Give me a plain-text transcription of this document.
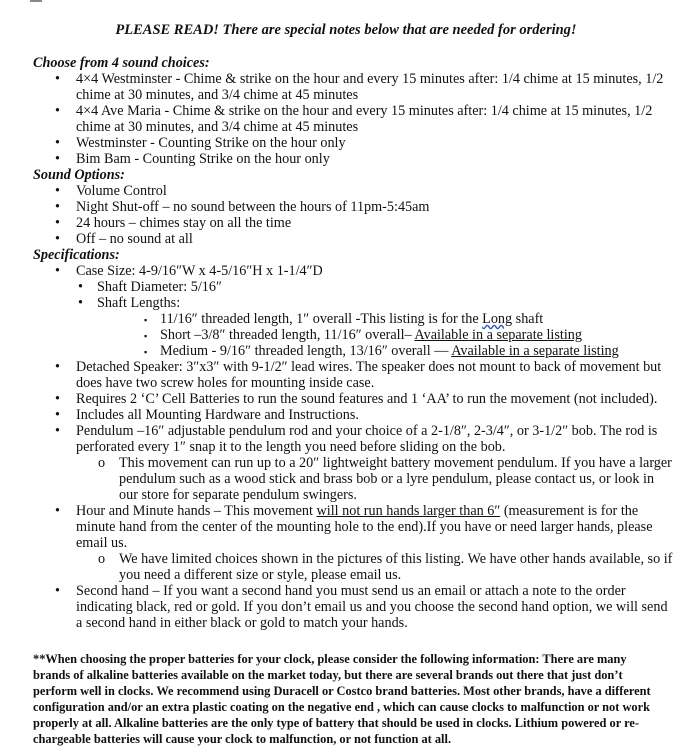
PLEASE READ! There are special notes below that are needed for ordering!
Choose from 4 sound choices:
• 4×4 Westminster - Chime & strike on the hour and every 15 minutes after: 1/4 chime at 15 minutes, 1/2 chime at 30 minutes, and 3/4 chime at 45 minutes
• 4×4 Ave Maria - Chime & strike on the hour and every 15 minutes after: 1/4 chime at 15 minutes, 1/2 chime at 30 minutes, and 3/4 chime at 45 minutes
• Westminster - Counting Strike on the hour only
• Bim Bam - Counting Strike on the hour only
Sound Options:
• Volume Control
• Night Shut-off – no sound between the hours of 11pm-5:45am
• 24 hours – chimes stay on all the time
• Off – no sound at all
Specifications:
• Case Size: 4-9/16″W x 4-5/16″H x 1-1/4″D
• Shaft Diameter: 5/16″
• Shaft Lengths:
▪ 11/16″ threaded length, 1″ overall -This listing is for the Long shaft
▪ Short –3/8″ threaded length, 11/16″ overall– Available in a separate listing
▪ Medium - 9/16″ threaded length, 13/16″ overall — Available in a separate listing
• Detached Speaker: 3″x3″ with 9-1/2″ lead wires. The speaker does not mount to back of movement but does have two screw holes for mounting inside case.
• Requires 2 ‘C’ Cell Batteries to run the sound features and 1 ‘AA’ to run the movement (not included).
• Includes all Mounting Hardware and Instructions.
• Pendulum –16″ adjustable pendulum rod and your choice of a 2-1/8″, 2-3/4″, or 3-1/2″ bob. The rod is perforated every 1″ snap it to the length you need before sliding on the bob.
o This movement can run up to a 20″ lightweight battery movement pendulum. If you have a larger pendulum such as a wood stick and brass bob or a lyre pendulum, please contact us, or look in our store for separate pendulum swingers.
• Hour and Minute hands – This movement will not run hands larger than 6″ (measurement is for the minute hand from the center of the mounting hole to the end).If you have or need larger hands, please email us.
o We have limited choices shown in the pictures of this listing. We have other hands available, so if you need a different size or style, please email us.
• Second hand – If you want a second hand you must send us an email or attach a note to the order indicating black, red or gold. If you don’t email us and you choose the second hand option, we will send a second hand in either black or gold to match your hands.
**When choosing the proper batteries for your clock, please consider the following information: There are many brands of alkaline batteries available on the market today, but there are several brands out there that just don’t perform well in clocks. We recommend using Duracell or Costco brand batteries. Most other brands, have a different configuration and/or an extra plastic coating on the negative end , which can cause clocks to malfunction or not work properly at all. Alkaline batteries are the only type of battery that should be used in clocks. Lithium powered or re-chargeable batteries will cause your clock to malfunction, or not function at all.
